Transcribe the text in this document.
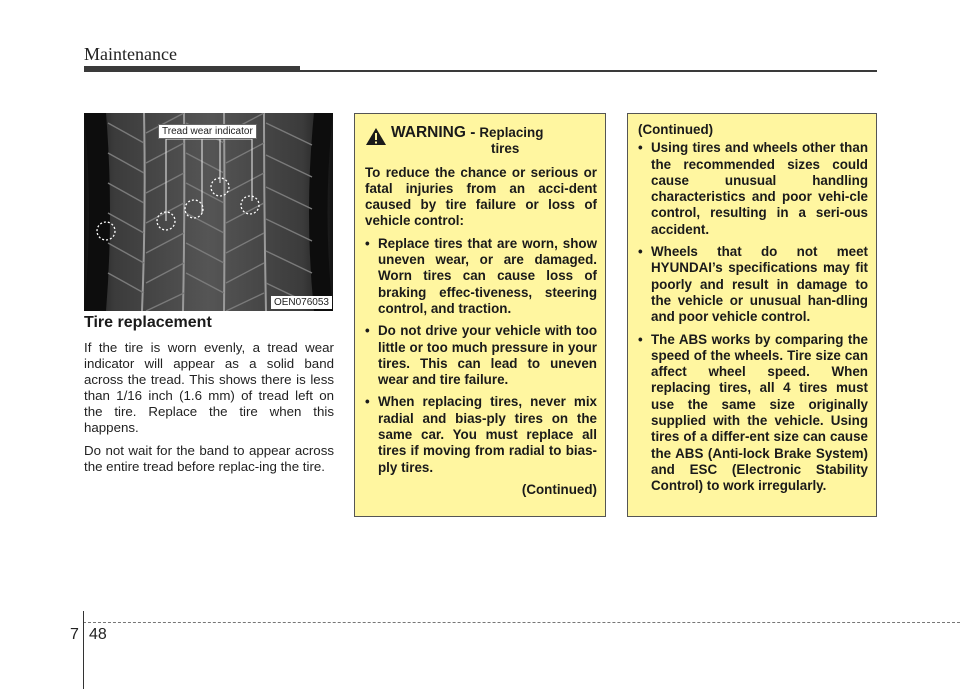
Maintenance
Tread wear indicator
OEN076053
Tire replacement

If the tire is worn evenly, a tread wear indicator will appear as a solid band across the tread. This shows there is less than 1/16 inch (1.6 mm) of tread left on the tire. Replace the tire when this happens.

Do not wait for the band to appear across the entire tread before replac-ing the tire.

WARNING - Replacing
tires

To reduce the chance or serious or fatal injuries from an acci-dent caused by tire failure or loss of vehicle control:

• Replace tires that are worn, show uneven wear, or are damaged. Worn tires can cause loss of braking effec-tiveness, steering control, and traction.
• Do not drive your vehicle with too little or too much pressure in your tires. This can lead to uneven wear and tire failure.
• When replacing tires, never mix radial and bias-ply tires on the same car. You must replace all tires if moving from radial to bias-ply tires.
(Continued)

(Continued)

• Using tires and wheels other than the recommended sizes could cause unusual handling characteristics and poor vehi-cle control, resulting in a seri-ous accident.
• Wheels that do not meet HYUNDAI’s specifications may fit poorly and result in damage to the vehicle or unusual han-dling and poor vehicle control.
• The ABS works by comparing the speed of the wheels. Tire size can affect wheel speed. When replacing tires, all 4 tires must use the same size originally supplied with the vehicle. Using tires of a differ-ent size can cause the ABS (Anti-lock Brake System) and ESC (Electronic Stability Control) to work irregularly.
7 48
